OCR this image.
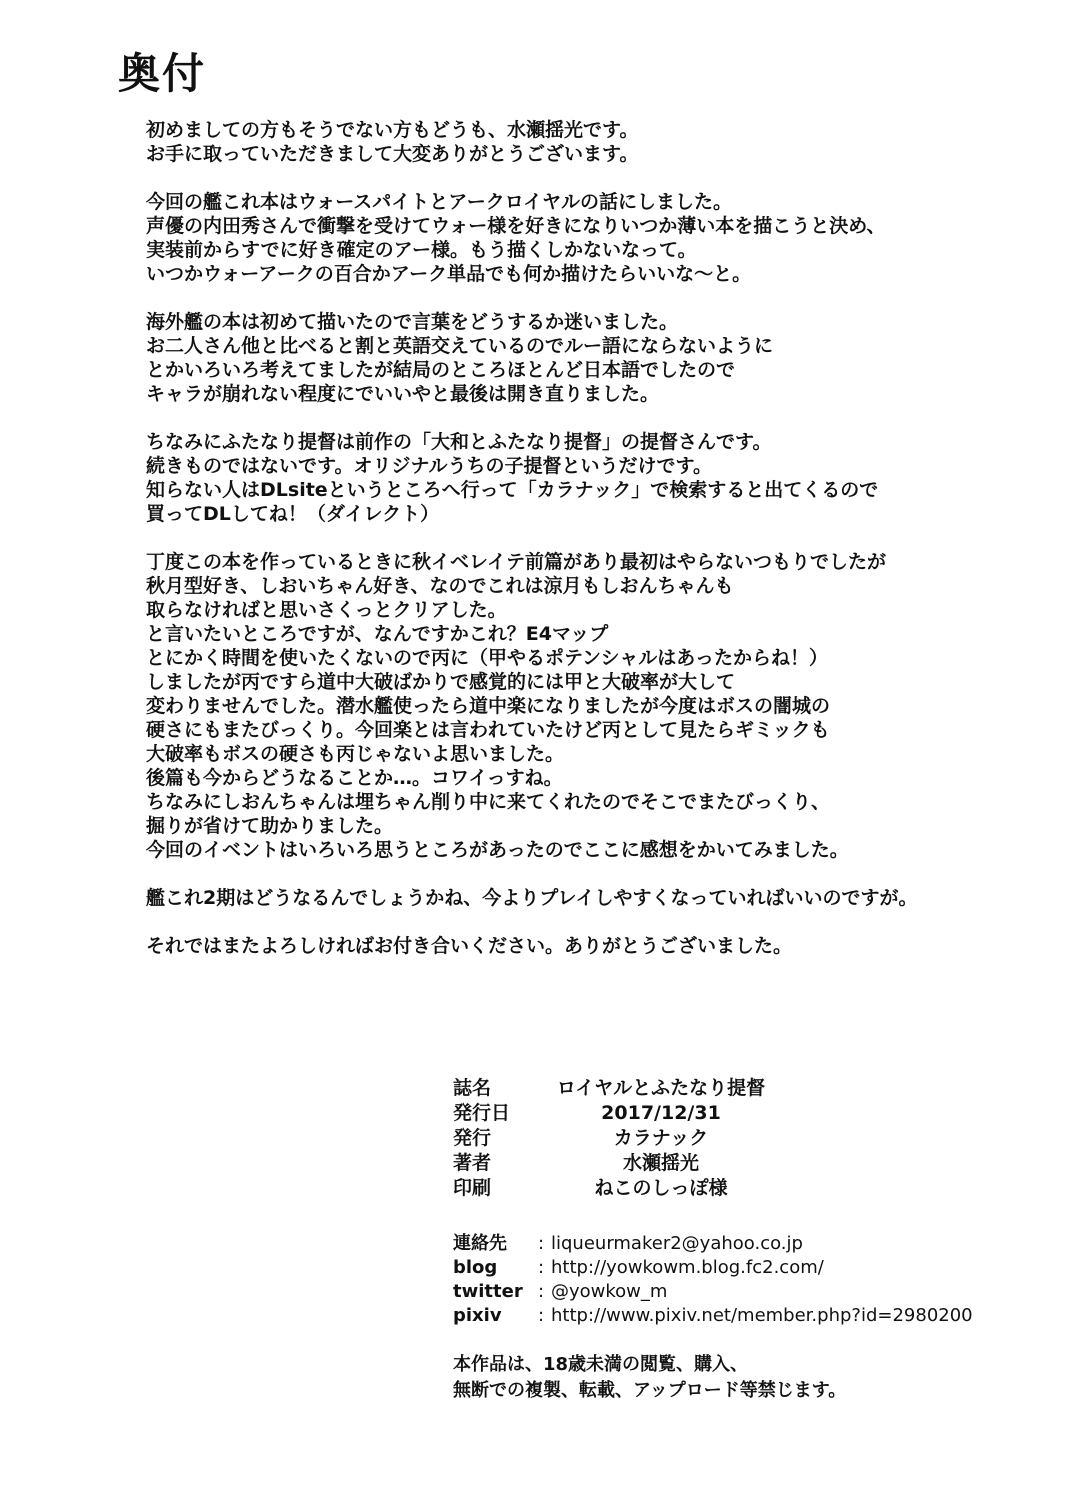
奥付

初めましての方もそうでない方もどうも、水瀬揺光です。
お手に取っていただきまして大変ありがとうございます。

今回の艦これ本はウォースパイトとアークロイヤルの話にしました。
声優の内田秀さんで衝撃を受けてウォー様を好きになりいつか薄い本を描こうと決め、
実装前からすでに好き確定のアー様。もう描くしかないなって。
いつかウォーアークの百合かアーク単品でも何か描けたらいいな～と。

海外艦の本は初めて描いたので言葉をどうするか迷いました。
お二人さん他と比べると割と英語交えているのでルー語にならないように
とかいろいろ考えてましたが結局のところほとんど日本語でしたので
キャラが崩れない程度にでいいやと最後は開き直りました。

ちなみにふたなり提督は前作の「大和とふたなり提督」の提督さんです。
続きものではないです。オリジナルうちの子提督というだけです。
知らない人はDLsiteというところへ行って「カラナック」で検索すると出てくるので
買ってDLしてね！（ダイレクト）

丁度この本を作っているときに秋イベレイテ前篇があり最初はやらないつもりでしたが
秋月型好き、しおいちゃん好き、なのでこれは涼月もしおんちゃんも
取らなければと思いさくっとクリアした。
と言いたいところですが、なんですかこれ？E4マップ
とにかく時間を使いたくないので丙に（甲やるポテンシャルはあったからね！）
しましたが丙ですら道中大破ばかりで感覚的には甲と大破率が大して
変わりませんでした。潜水艦使ったら道中楽になりましたが今度はボスの闇城の
硬さにもまたびっくり。今回楽とは言われていたけど丙として見たらギミックも
大破率もボスの硬さも丙じゃないよ思いました。
後篇も今からどうなることか…。コワイっすね。
ちなみにしおんちゃんは埋ちゃん削り中に来てくれたのでそこでまたびっくり、
掘りが省けて助かりました。
今回のイベントはいろいろ思うところがあったのでここに感想をかいてみました。

艦これ2期はどうなるんでしょうかね、今よりプレイしやすくなっていればいいのですが。

それではまたよろしければお付き合いください。ありがとうございました。

誌名	ロイヤルとふたなり提督
発行日	2017/12/31
発行	カラナック
著者	水瀬揺光
印刷	ねこのしっぽ様
連絡先	: liqueurmaker2@yahoo.co.jp
blog	: http://yowkowm.blog.fc2.com/
twitter : @yowkow_m
pixiv	: http://www.pixiv.net/member.php?id=2980200
本作品は、18歳未満の閲覧、購入、
無断での複製、転載、アップロード等禁じます。
